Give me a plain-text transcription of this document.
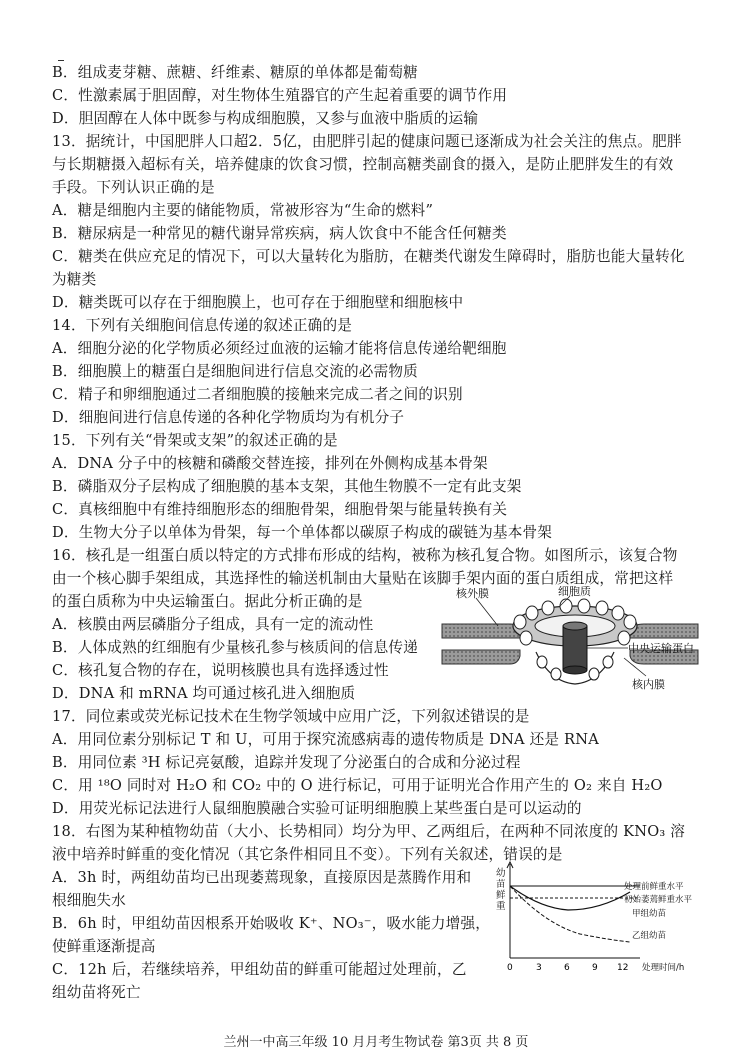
B．组成麦芽糖、蔗糖、纤维素、糖原的单体都是葡萄糖
C．性激素属于胆固醇，对生物体生殖器官的产生起着重要的调节作用
D．胆固醇在人体中既参与构成细胞膜，又参与血液中脂质的运输
13．据统计，中国肥胖人口超2．5亿，由肥胖引起的健康问题已逐渐成为社会关注的焦点。肥胖
与长期糖摄入超标有关，培养健康的饮食习惯，控制高糖类副食的摄入，是防止肥胖发生的有效
手段。下列认识正确的是
A．糖是细胞内主要的储能物质，常被形容为“生命的燃料”
B．糖尿病是一种常见的糖代谢异常疾病，病人饮食中不能含任何糖类
C．糖类在供应充足的情况下，可以大量转化为脂肪，在糖类代谢发生障碍时，脂肪也能大量转化
为糖类
D．糖类既可以存在于细胞膜上，也可存在于细胞壁和细胞核中
14．下列有关细胞间信息传递的叙述正确的是
A．细胞分泌的化学物质必须经过血液的运输才能将信息传递给靶细胞
B．细胞膜上的糖蛋白是细胞间进行信息交流的必需物质
C．精子和卵细胞通过二者细胞膜的接触来完成二者之间的识别
D．细胞间进行信息传递的各种化学物质均为有机分子
15．下列有关“骨架或支架”的叙述正确的是
A．DNA 分子中的核糖和磷酸交替连接，排列在外侧构成基本骨架
B．磷脂双分子层构成了细胞膜的基本支架，其他生物膜不一定有此支架
C．真核细胞中有维持细胞形态的细胞骨架，细胞骨架与能量转换有关
D．生物大分子以单体为骨架，每一个单体都以碳原子构成的碳链为基本骨架
16．核孔是一组蛋白质以特定的方式排布形成的结构，被称为核孔复合物。如图所示，该复合物
由一个核心脚手架组成，其选择性的输送机制由大量贴在该脚手架内面的蛋白质组成，常把这样
的蛋白质称为中央运输蛋白。据此分析正确的是
A．核膜由两层磷脂分子组成，具有一定的流动性
B．人体成熟的红细胞有少量核孔参与核质间的信息传递
C．核孔复合物的存在，说明核膜也具有选择透过性
D．DNA 和 mRNA 均可通过核孔进入细胞质
17．同位素或荧光标记技术在生物学领域中应用广泛，下列叙述错误的是
A．用同位素分别标记 T 和 U，可用于探究流感病毒的遗传物质是 DNA 还是 RNA
B．用同位素 ³H 标记亮氨酸，追踪并发现了分泌蛋白的合成和分泌过程
C．用 ¹⁸O 同时对 H₂O 和 CO₂ 中的 O 进行标记，可用于证明光合作用产生的 O₂ 来自 H₂O
D．用荧光标记法进行人鼠细胞膜融合实验可证明细胞膜上某些蛋白是可以运动的
18．右图为某种植物幼苗（大小、长势相同）均分为甲、乙两组后，在两种不同浓度的 KNO₃ 溶
液中培养时鲜重的变化情况（其它条件相同且不变）。下列有关叙述，错误的是
A．3h 时，两组幼苗均已出现萎蔫现象，直接原因是蒸腾作用和
根细胞失水
B．6h 时，甲组幼苗因根系开始吸收 K⁺、NO₃⁻，吸水能力增强，
使鲜重逐渐提高
C．12h 后，若继续培养，甲组幼苗的鲜重可能超过处理前，乙
组幼苗将死亡
核外膜	细胞质
中央运输蛋白
核内膜
幼苗鲜重
0	3 6 9 12 处理时间/h
处理前鲜重水平
初始萎蔫鲜重水平
甲组幼苗
乙组幼苗
兰州一中高三年级 10 月月考生物试卷 第3页 共 8 页
